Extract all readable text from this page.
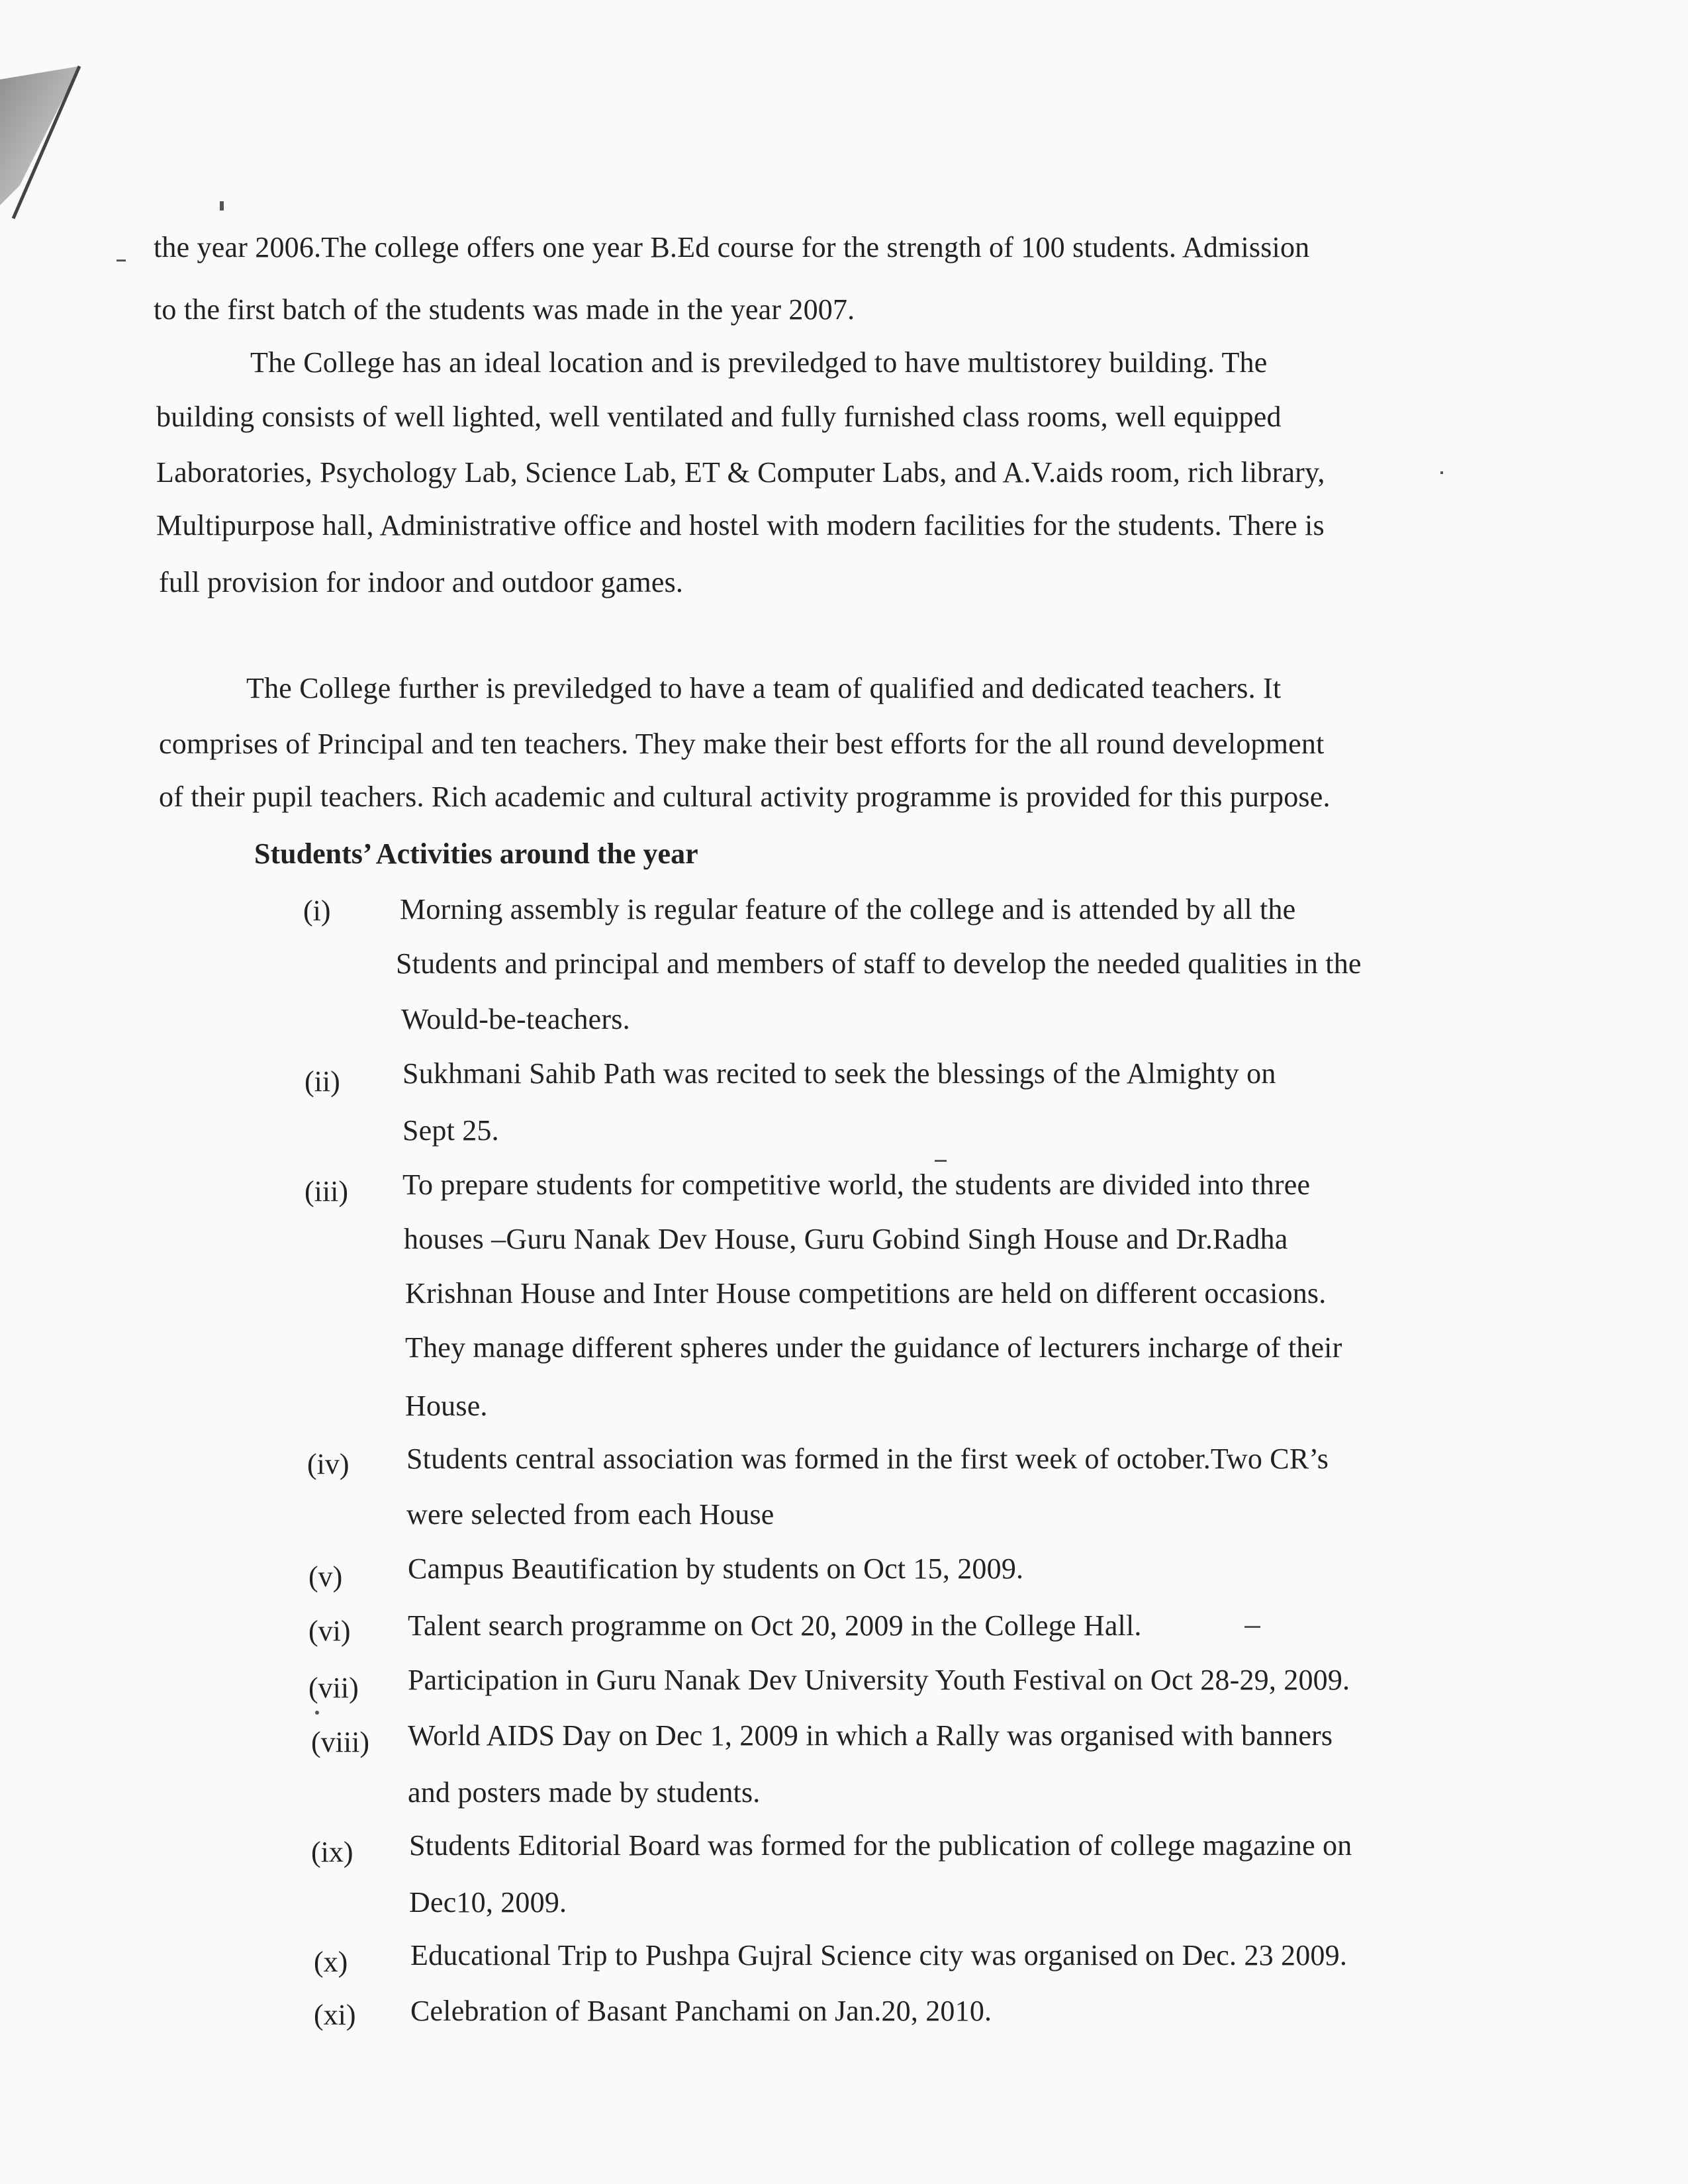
the year 2006.The college offers one year B.Ed course for the strength of 100 students. Admission
to the first batch of the students was made in the year 2007.
The College has an ideal location and is previledged to have multistorey building. The
building consists of well lighted, well ventilated and fully furnished class rooms, well equipped
Laboratories, Psychology Lab, Science Lab, ET & Computer Labs, and A.V.aids room, rich library,
Multipurpose hall, Administrative office and hostel with modern facilities for the students. There is
full provision for indoor and outdoor games.
The College further is previledged to have a team of qualified and dedicated teachers. It
comprises of Principal and ten teachers. They make their best efforts for the all round development
of their pupil teachers. Rich academic and cultural activity programme is provided for this purpose.
Students’ Activities around the year
(i) Morning assembly is regular feature of the college and is attended by all the
Students and principal and members of staff to develop the needed qualities in the
Would-be-teachers.
(ii) Sukhmani Sahib Path was recited to seek the blessings of the Almighty on
Sept 25.
(iii) To prepare students for competitive world, the students are divided into three
houses –Guru Nanak Dev House, Guru Gobind Singh House and Dr.Radha
Krishnan House and Inter House competitions are held on different occasions.
They manage different spheres under the guidance of lecturers incharge of their
House.
(iv) Students central association was formed in the first week of october.Two CR’s
were selected from each House
(v) Campus Beautification by students on Oct 15, 2009.
(vi) Talent search programme on Oct 20, 2009 in the College Hall.
(vii) Participation in Guru Nanak Dev University Youth Festival on Oct 28-29, 2009.
(viii) World AIDS Day on Dec 1, 2009 in which a Rally was organised with banners
and posters made by students.
(ix) Students Editorial Board was formed for the publication of college magazine on
Dec10, 2009.
(x) Educational Trip to Pushpa Gujral Science city was organised on Dec. 23 2009.
(xi) Celebration of Basant Panchami on Jan.20, 2010.
